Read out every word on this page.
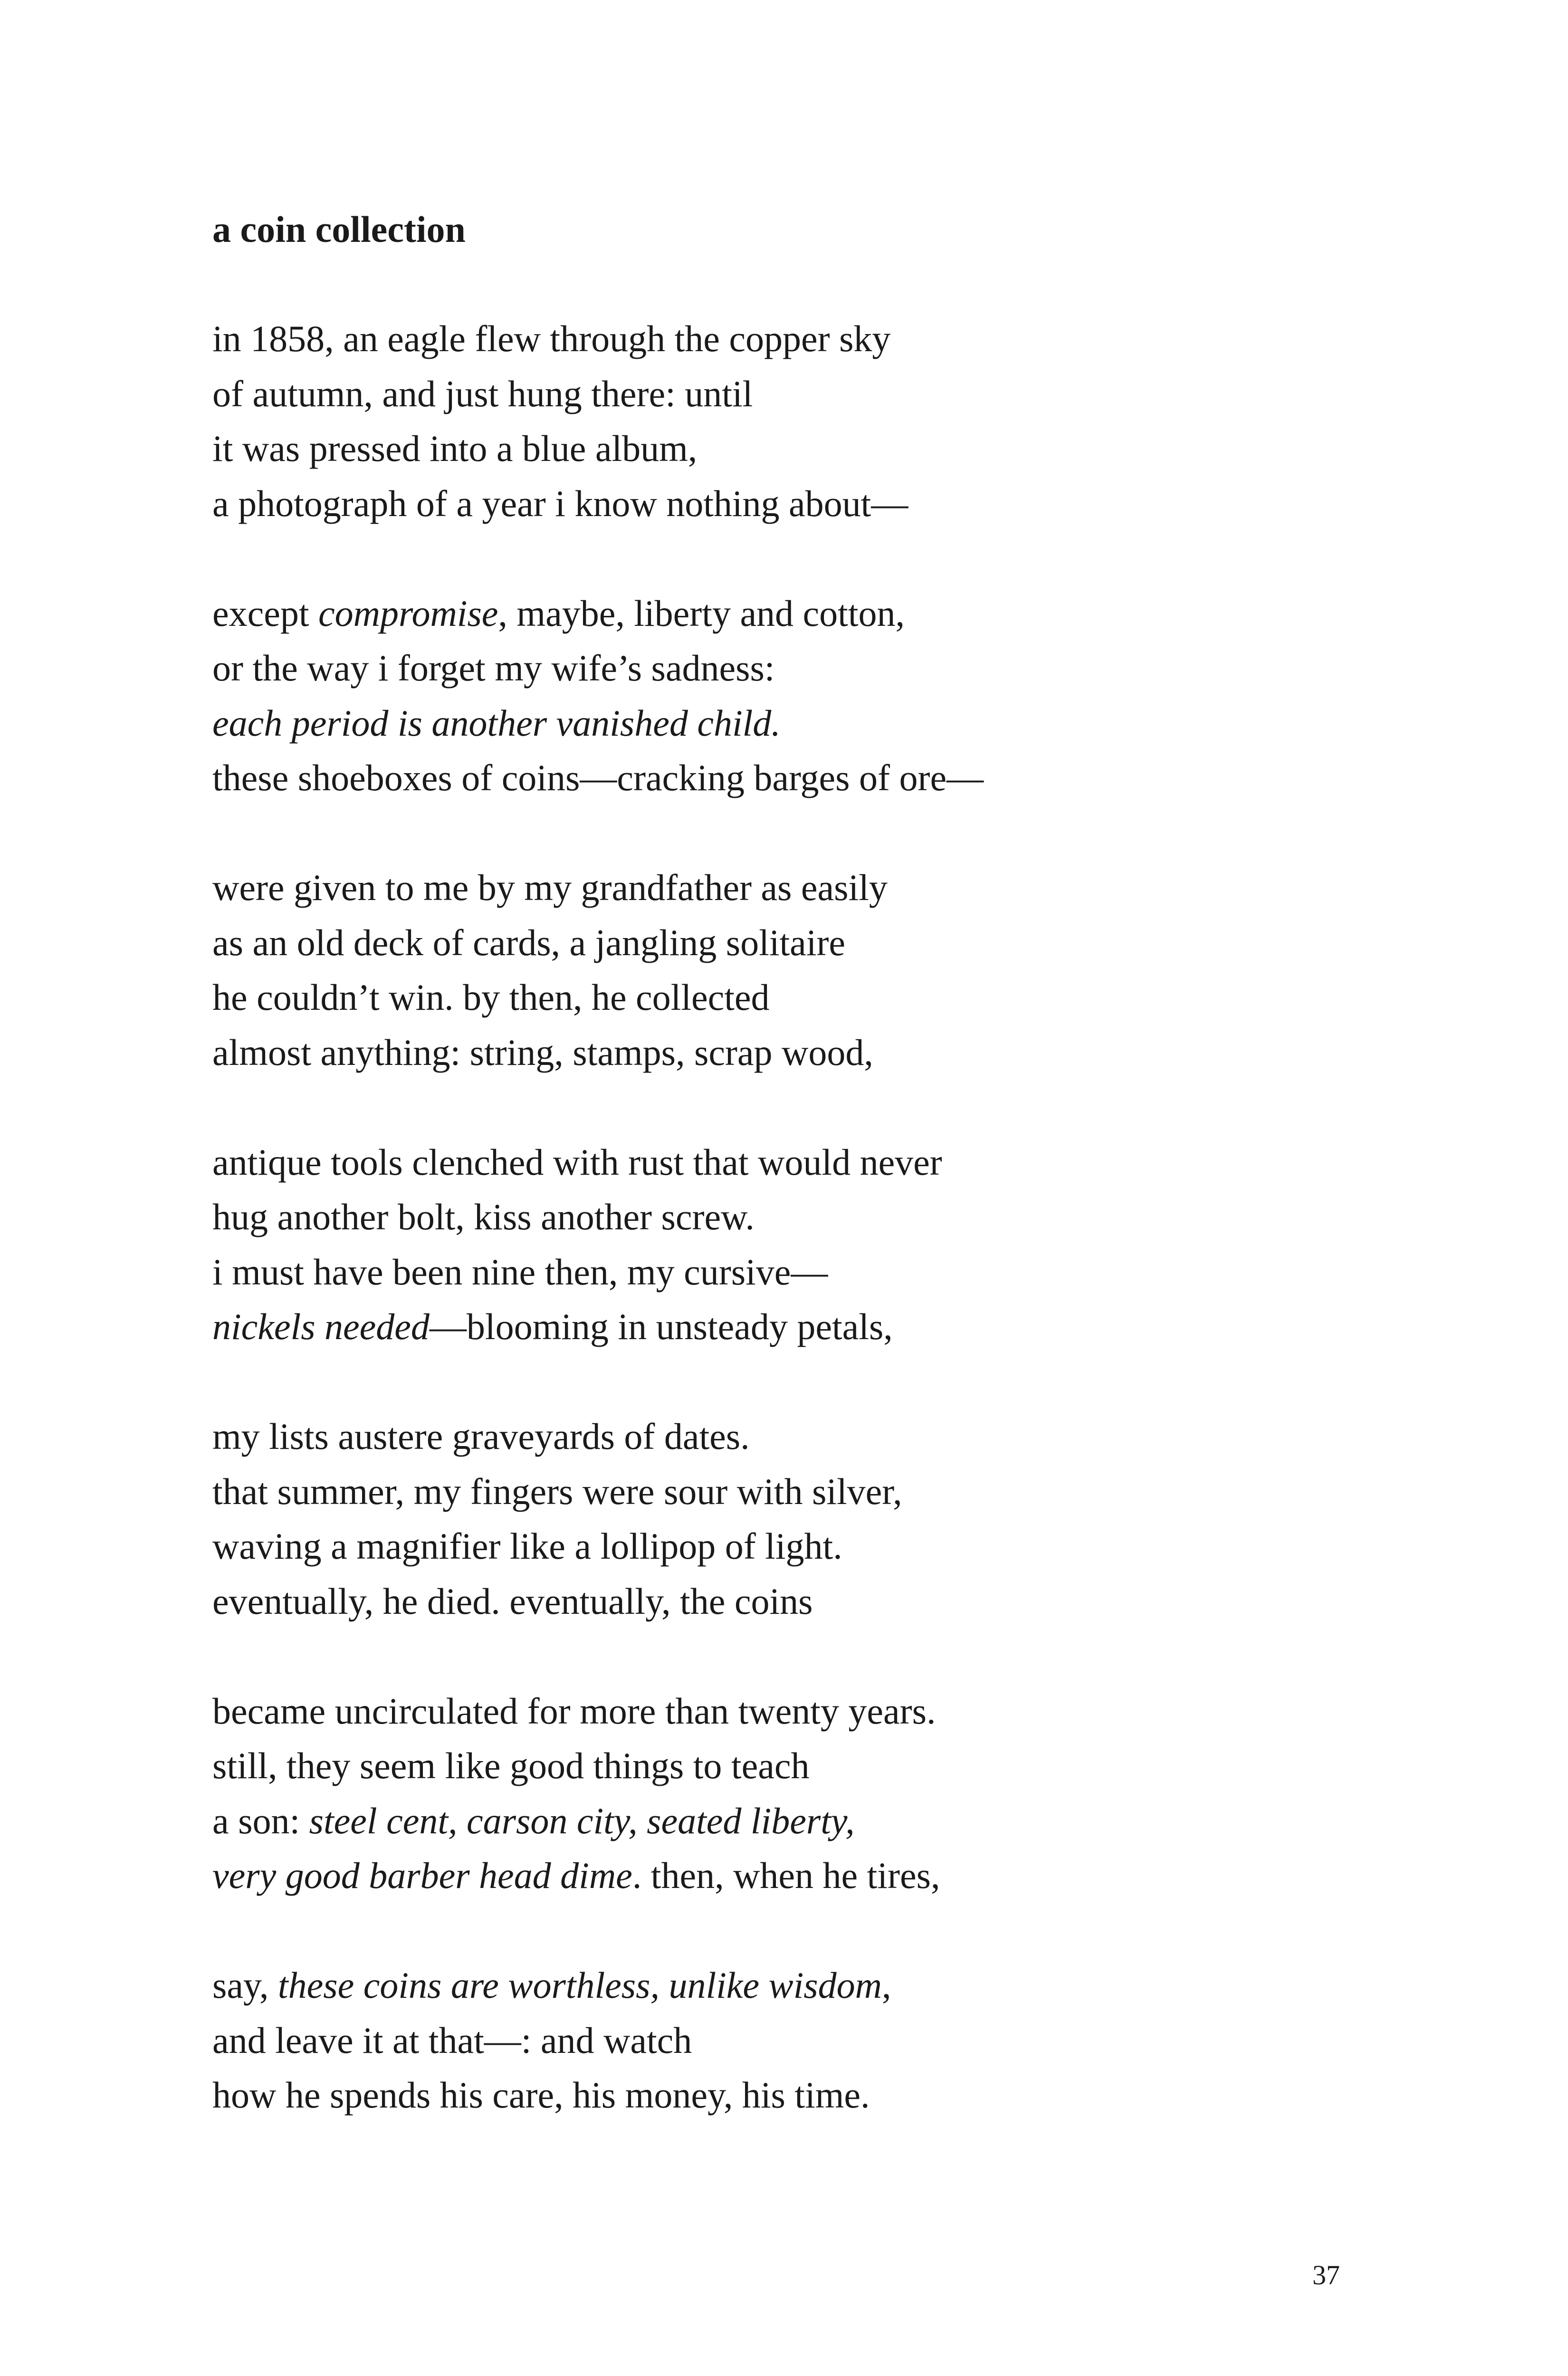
a coin collection
in 1858, an eagle flew through the copper sky
of autumn, and just hung there: until
it was pressed into a blue album,
a photograph of a year i know nothing about—
except compromise, maybe, liberty and cotton,
or the way i forget my wife’s sadness:
each period is another vanished child.
these shoeboxes of coins—cracking barges of ore—
were given to me by my grandfather as easily
as an old deck of cards, a jangling solitaire
he couldn’t win. by then, he collected
almost anything: string, stamps, scrap wood,
antique tools clenched with rust that would never
hug another bolt, kiss another screw.
i must have been nine then, my cursive—
nickels needed—blooming in unsteady petals,
my lists austere graveyards of dates.
that summer, my fingers were sour with silver,
waving a magnifier like a lollipop of light.
eventually, he died. eventually, the coins
became uncirculated for more than twenty years.
still, they seem like good things to teach
a son: steel cent, carson city, seated liberty,
very good barber head dime. then, when he tires,
say, these coins are worthless, unlike wisdom,
and leave it at that—: and watch
how he spends his care, his money, his time.
37
